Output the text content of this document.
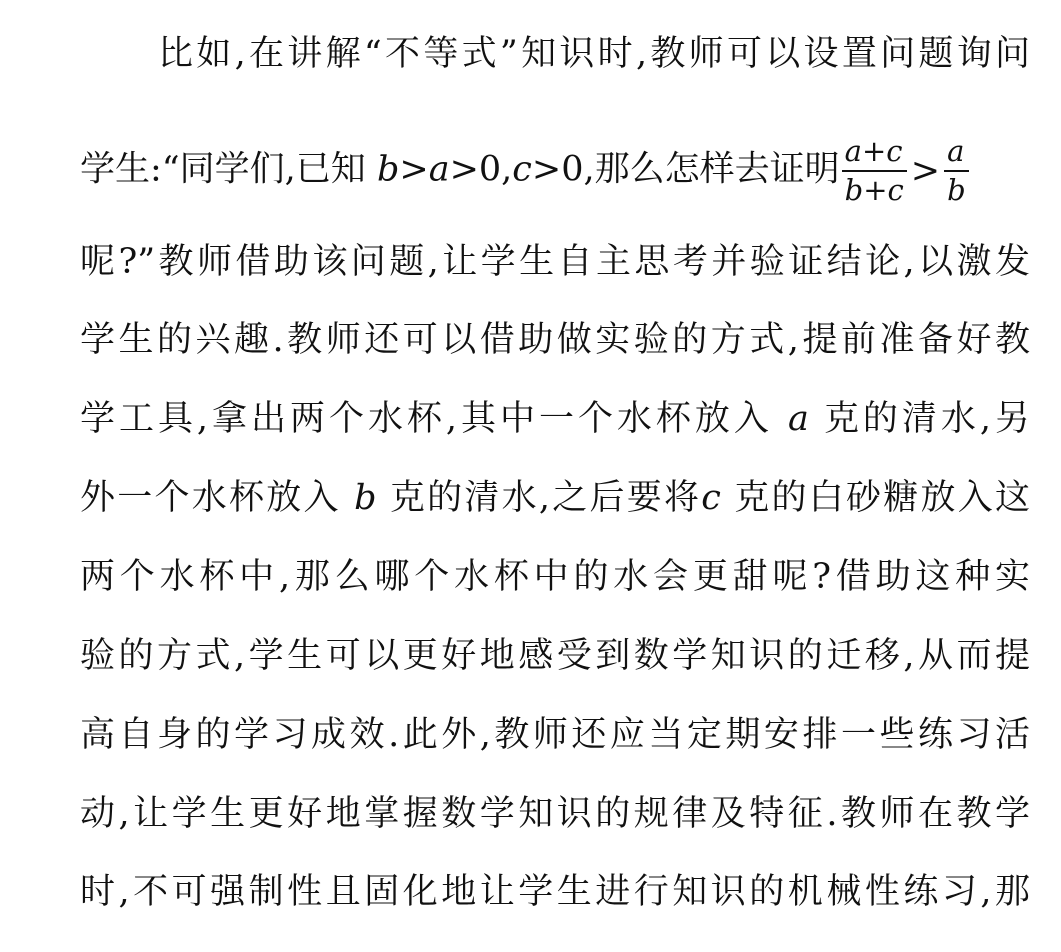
比如,在讲解“不等式”知识时,教师可以设置问题询问
学生:“同学们,已知 b>a>0,c>0,那么怎样去证明 $\frac{a+c}{b+c} > \frac{a}{b}$
呢?”教师借助该问题,让学生自主思考并验证结论,以激发
学生的兴趣.教师还可以借助做实验的方式,提前准备好教
学工具,拿出两个水杯,其中一个水杯放入 a 克的清水,另
外一个水杯放入 b 克的清水,之后要将c 克的白砂糖放入这
两个水杯中,那么哪个水杯中的水会更甜呢?借助这种实
验的方式,学生可以更好地感受到数学知识的迁移,从而提
高自身的学习成效.此外,教师还应当定期安排一些练习活
动,让学生更好地掌握数学知识的规律及特征.教师在教学
时,不可强制性且固化地让学生进行知识的机械性练习,那
